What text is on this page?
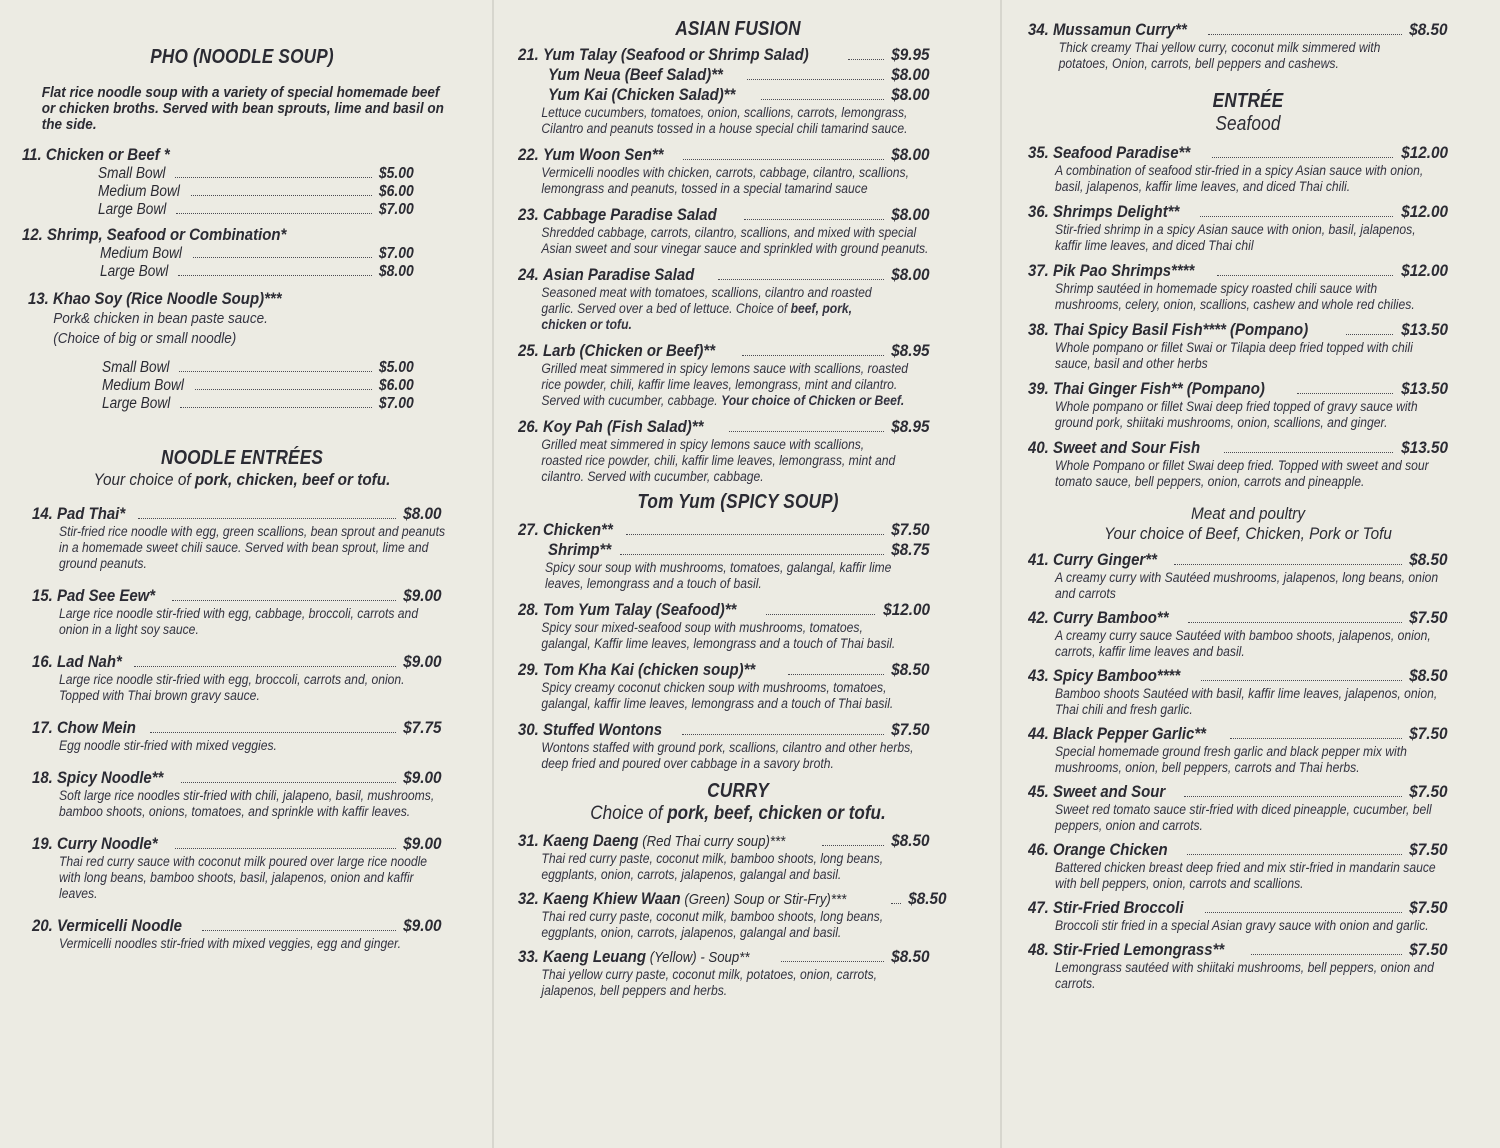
PHO (NOODLE SOUP)
Flat rice noodle soup with a variety of special homemade beef or chicken broths. Served with bean sprouts, lime and basil on the side.
11. Chicken or Beef *
Small Bowl	$5.00
Medium Bowl	$6.00
Large Bowl	$7.00
12. Shrimp, Seafood or Combination*
Medium Bowl	$7.00
Large Bowl	$8.00
13. Khao Soy (Rice Noodle Soup)***
Pork& chicken in bean paste sauce.
(Choice of big or small noodle)
Small Bowl	$5.00
Medium Bowl	$6.00
Large Bowl	$7.00
NOODLE ENTRÉES
Your choice of pork, chicken, beef or tofu.
14. Pad Thai*	$8.00
Stir-fried rice noodle with egg, green scallions, bean sprout and peanuts in a homemade sweet chili sauce. Served with bean sprout, lime and ground peanuts.
15. Pad See Eew*	$9.00
Large rice noodle stir-fried with egg, cabbage, broccoli, carrots and onion in a light soy sauce.
16. Lad Nah*	$9.00
Large rice noodle stir-fried with egg, broccoli, carrots and, onion. Topped with Thai brown gravy sauce.
17. Chow Mein	$7.75
Egg noodle stir-fried with mixed veggies.
18. Spicy Noodle**	$9.00
Soft large rice noodles stir-fried with chili, jalapeno, basil, mushrooms, bamboo shoots, onions, tomatoes, and sprinkle with kaffir leaves.
19. Curry Noodle*	$9.00
Thai red curry sauce with coconut milk poured over large rice noodle with long beans, bamboo shoots, basil, jalapenos, onion and kaffir leaves.
20. Vermicelli Noodle	$9.00
Vermicelli noodles stir-fried with mixed veggies, egg and ginger.
ASIAN FUSION
21. Yum Talay (Seafood or Shrimp Salad)	$9.95
Yum Neua (Beef Salad)**	$8.00
Yum Kai (Chicken Salad)**	$8.00
Lettuce cucumbers, tomatoes, onion, scallions, carrots, lemongrass, Cilantro and peanuts tossed in a house special chili tamarind sauce.
22. Yum Woon Sen**	$8.00
Vermicelli noodles with chicken, carrots, cabbage, cilantro, scallions, lemongrass and peanuts, tossed in a special tamarind sauce
23. Cabbage Paradise Salad	$8.00
Shredded cabbage, carrots, cilantro, scallions, and mixed with special Asian sweet and sour vinegar sauce and sprinkled with ground peanuts.
24. Asian Paradise Salad	$8.00
Seasoned meat with tomatoes, scallions, cilantro and roasted garlic. Served over a bed of lettuce. Choice of beef, pork, chicken or tofu.
25. Larb (Chicken or Beef)**	$8.95
Grilled meat simmered in spicy lemons sauce with scallions, roasted rice powder, chili, kaffir lime leaves, lemongrass, mint and cilantro. Served with cucumber, cabbage. Your choice of Chicken or Beef.
26. Koy Pah (Fish Salad)**	$8.95
Grilled meat simmered in spicy lemons sauce with scallions, roasted rice powder, chili, kaffir lime leaves, lemongrass, mint and cilantro. Served with cucumber, cabbage.
Tom Yum (SPICY SOUP)
27. Chicken**	$7.50
Shrimp**	$8.75
Spicy sour soup with mushrooms, tomatoes, galangal, kaffir lime leaves, lemongrass and a touch of basil.
28. Tom Yum Talay (Seafood)**	$12.00
Spicy sour mixed-seafood soup with mushrooms, tomatoes, galangal, Kaffir lime leaves, lemongrass and a touch of Thai basil.
29. Tom Kha Kai (chicken soup)**	$8.50
Spicy creamy coconut chicken soup with mushrooms, tomatoes, galangal, kaffir lime leaves, lemongrass and a touch of Thai basil.
30. Stuffed Wontons	$7.50
Wontons staffed with ground pork, scallions, cilantro and other herbs, deep fried and poured over cabbage in a savory broth.
CURRY
Choice of pork, beef, chicken or tofu.
31. Kaeng Daeng (Red Thai curry soup)***	$8.50
Thai red curry paste, coconut milk, bamboo shoots, long beans, eggplants, onion, carrots, jalapenos, galangal and basil.
32. Kaeng Khiew Waan (Green) Soup or Stir-Fry)***	$8.50
Thai red curry paste, coconut milk, bamboo shoots, long beans, eggplants, onion, carrots, jalapenos, galangal and basil.
33. Kaeng Leuang (Yellow) - Soup**	$8.50
Thai yellow curry paste, coconut milk, potatoes, onion, carrots, jalapenos, bell peppers and herbs.
34. Mussamun Curry**	$8.50
Thick creamy Thai yellow curry, coconut milk simmered with potatoes, Onion, carrots, bell peppers and cashews.
ENTRÉE
Seafood
35. Seafood Paradise**	$12.00
A combination of seafood stir-fried in a spicy Asian sauce with onion, basil, jalapenos, kaffir lime leaves, and diced Thai chili.
36. Shrimps Delight**	$12.00
Stir-fried shrimp in a spicy Asian sauce with onion, basil, jalapenos, kaffir lime leaves, and diced Thai chil
37. Pik Pao Shrimps****	$12.00
Shrimp sautéed in homemade spicy roasted chili sauce with mushrooms, celery, onion, scallions, cashew and whole red chilies.
38. Thai Spicy Basil Fish**** (Pompano)	$13.50
Whole pompano or fillet Swai or Tilapia deep fried topped with chili sauce, basil and other herbs
39. Thai Ginger Fish** (Pompano)	$13.50
Whole pompano or fillet Swai deep fried topped of gravy sauce with ground pork, shiitaki mushrooms, onion, scallions, and ginger.
40. Sweet and Sour Fish	$13.50
Whole Pompano or fillet Swai deep fried. Topped with sweet and sour tomato sauce, bell peppers, onion, carrots and pineapple.
Meat and poultry
Your choice of Beef, Chicken, Pork or Tofu
41. Curry Ginger**	$8.50
A creamy curry with Sautéed mushrooms, jalapenos, long beans, onion and carrots
42. Curry Bamboo**	$7.50
A creamy curry sauce Sautéed with bamboo shoots, jalapenos, onion, carrots, kaffir lime leaves and basil.
43. Spicy Bamboo****	$8.50
Bamboo shoots Sautéed with basil, kaffir lime leaves, jalapenos, onion, Thai chili and fresh garlic.
44. Black Pepper Garlic**	$7.50
Special homemade ground fresh garlic and black pepper mix with mushrooms, onion, bell peppers, carrots and Thai herbs.
45. Sweet and Sour	$7.50
Sweet red tomato sauce stir-fried with diced pineapple, cucumber, bell peppers, onion and carrots.
46. Orange Chicken	$7.50
Battered chicken breast deep fried and mix stir-fried in mandarin sauce with bell peppers, onion, carrots and scallions.
47. Stir-Fried Broccoli	$7.50
Broccoli stir fried in a special Asian gravy sauce with onion and garlic.
48. Stir-Fried Lemongrass**	$7.50
Lemongrass sautéed with shiitaki mushrooms, bell peppers, onion and carrots.
